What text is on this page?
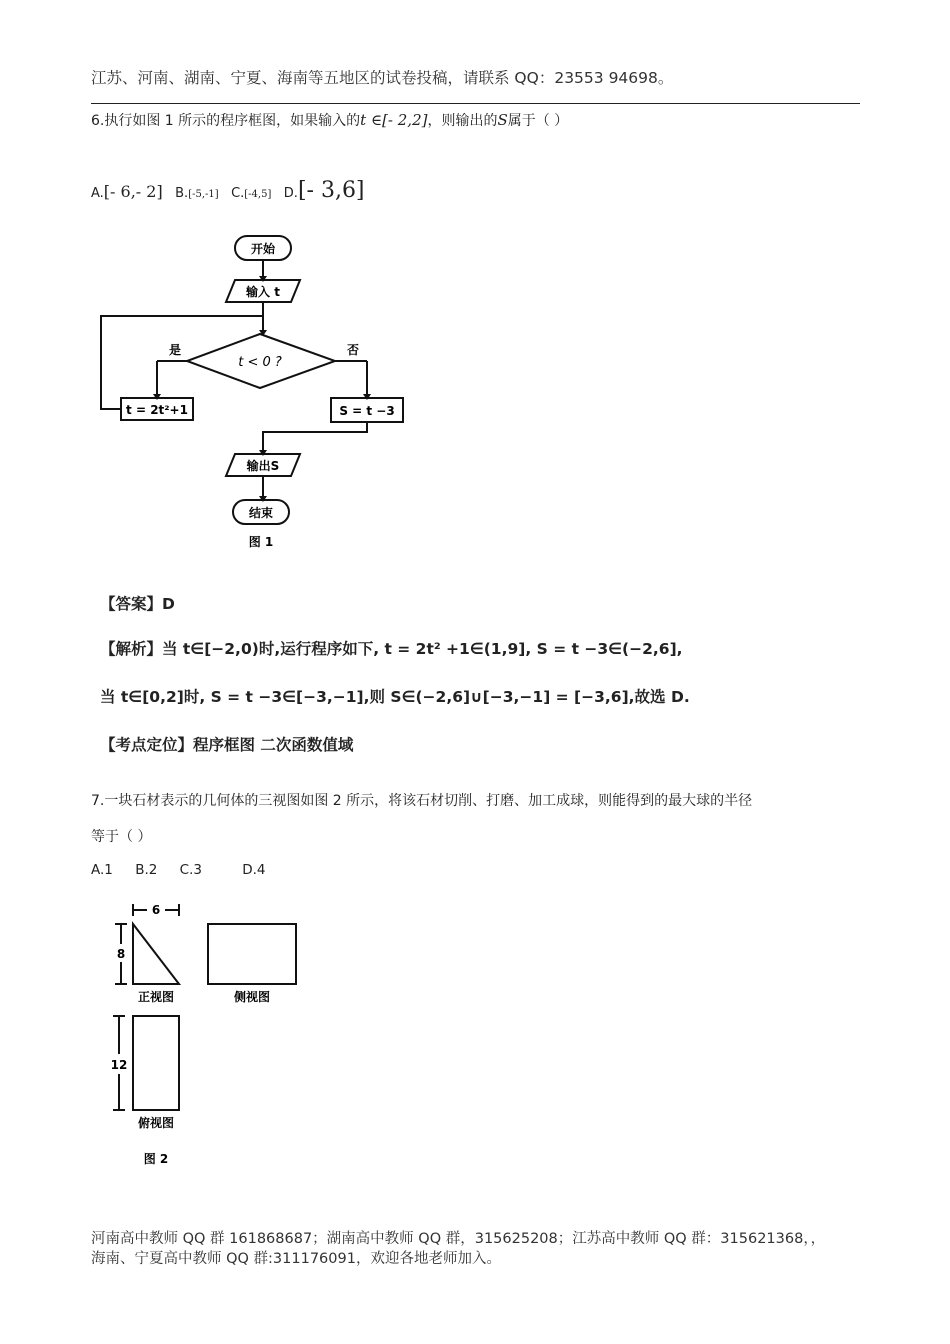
江苏、河南、湖南、宁夏、海南等五地区的试卷投稿，请联系 QQ：23553 94698。
6.执行如图 1 所示的程序框图，如果输入的t ∈[- 2,2]，则输出的S属于（ ）
A.[- 6,- 2] B.[-5,-1] C.[-4,5] D.[- 3,6]
开始
输入 t
t < 0 ?
是	否
t = 2t²+1	S = t −3
输出S
结束
图 1
【答案】D
【解析】当 t∈[−2,0)时,运行程序如下, t = 2t² +1∈(1,9], S = t −3∈(−2,6],
当 t∈[0,2]时, S = t −3∈[−3,−1],则 S∈(−2,6]∪[−3,−1] = [−3,6],故选 D.
【考点定位】程序框图 二次函数值域
7.一块石材表示的几何体的三视图如图 2 所示，将该石材切削、打磨、加工成球，则能得到的最大球的半径
等于（ ）
A.1 B.2 C.3	D.4
6
8
12
正视图	侧视图
俯视图
图 2
河南高中教师 QQ 群 161868687；湖南高中教师 QQ 群，315625208；江苏高中教师 QQ 群：315621368，，
海南、宁夏高中教师 QQ 群:311176091，欢迎各地老师加入。
